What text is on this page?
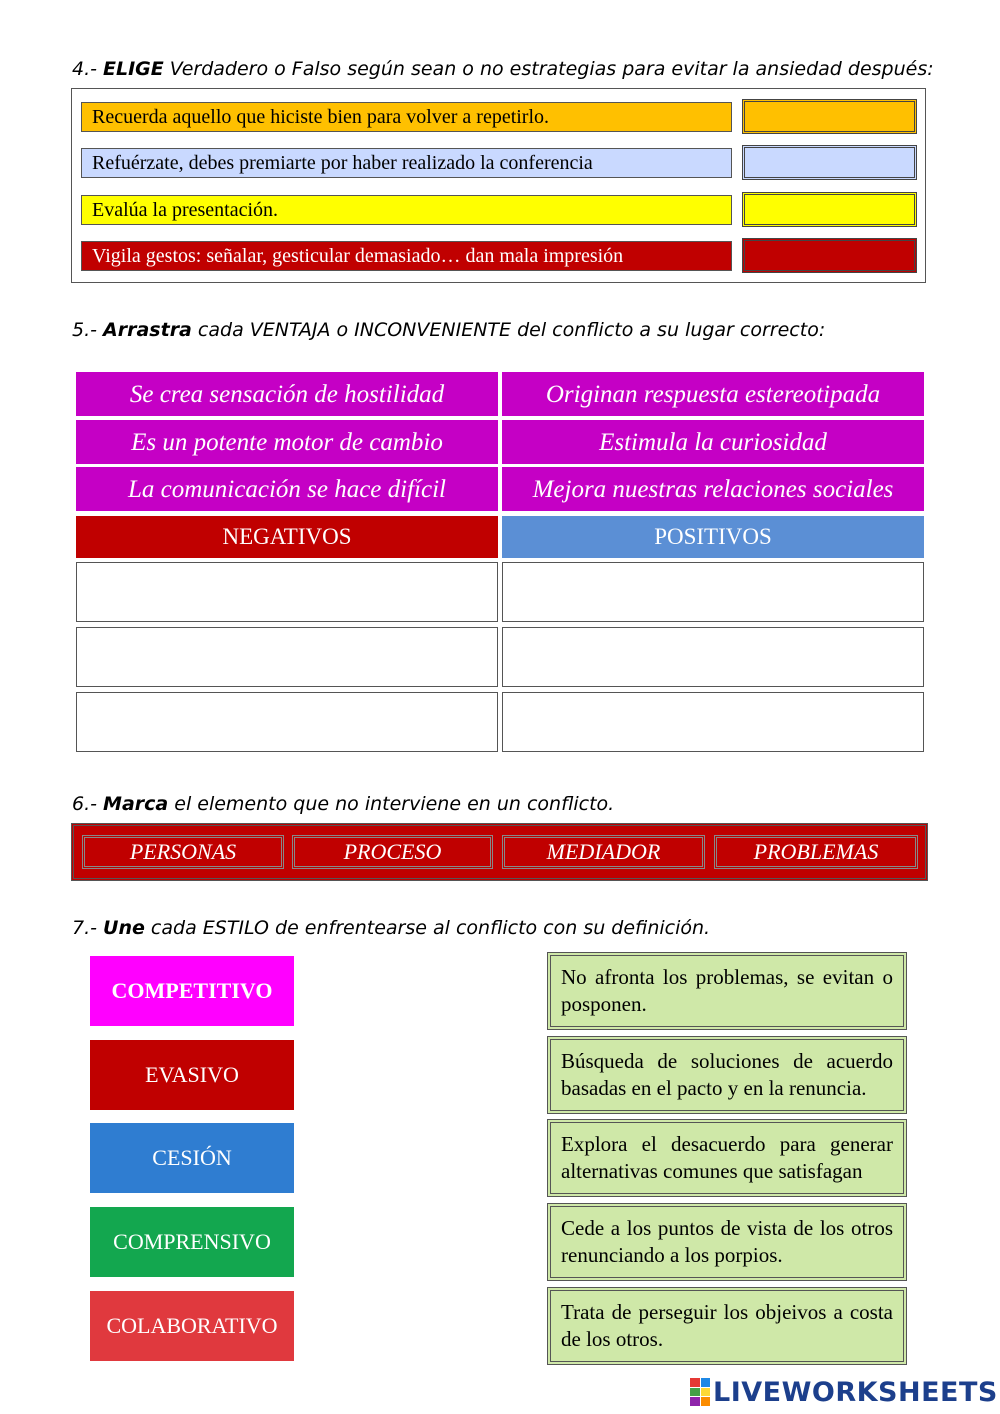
4.- ELIGE Verdadero o Falso según sean o no estrategias para evitar la ansiedad después:
Recuerda aquello que hiciste bien para volver a repetirlo.
Refuérzate, debes premiarte por haber realizado la conferencia
Evalúa la presentación.
Vigila gestos: señalar, gesticular demasiado… dan mala impresión
5.- Arrastra cada VENTAJA o INCONVENIENTE del conflicto a su lugar correcto:
Se crea sensación de hostilidad	Originan respuesta estereotipada
Es un potente motor de cambio	Estimula la curiosidad
La comunicación se hace difícil	Mejora nuestras relaciones sociales
NEGATIVOS	POSITIVOS
6.- Marca el elemento que no interviene en un conflicto.
PERSONAS	PROCESO	MEDIADOR	PROBLEMAS
7.- Une cada ESTILO de enfrentearse al conflicto con su definición.
COMPETITIVO
EVASIVO
CESIÓN
COMPRENSIVO
COLABORATIVO
No afronta los problemas, se evitan o posponen.
Búsqueda de soluciones de acuerdo basadas en el pacto y en la renuncia.
Explora el desacuerdo para generar alternativas comunes que satisfagan
Cede a los puntos de vista de los otros renunciando a los porpios.
Trata de perseguir los objeivos a costa de los otros.
LIVEWORKSHEETS
